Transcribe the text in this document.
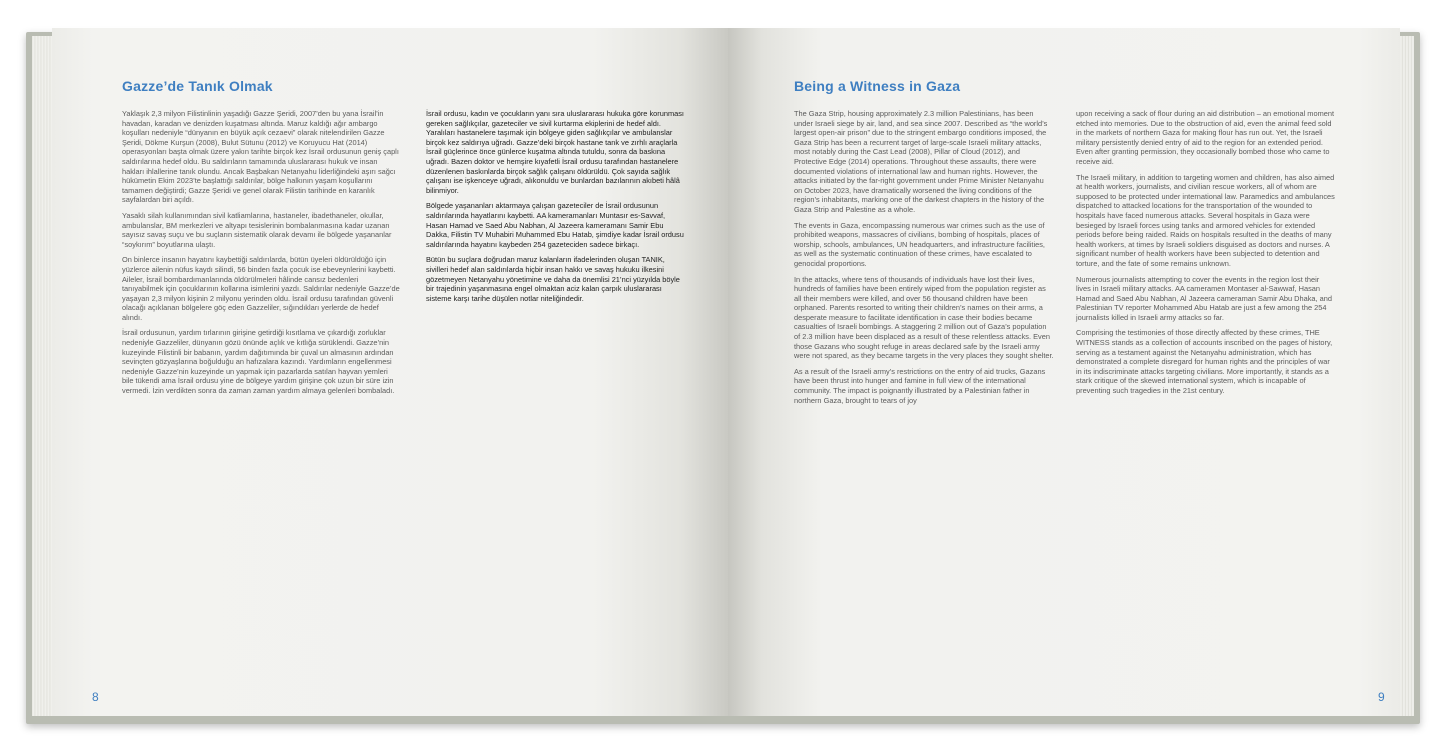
Gazze’de Tanık Olmak

Yaklaşık 2,3 milyon Filistinlinin yaşadığı Gazze Şeridi, 2007’den bu yana İsrail’in havadan, karadan ve denizden kuşatması altında. Maruz kaldığı ağır ambargo koşulları nedeniyle “dünyanın en büyük açık cezaevi” olarak nitelendirilen Gazze Şeridi, Dökme Kurşun (2008), Bulut Sütunu (2012) ve Koruyucu Hat (2014) operasyonları başta olmak üzere yakın tarihte birçok kez İsrail ordusunun geniş çaplı saldırılarına hedef oldu. Bu saldırıların tamamında uluslararası hukuk ve insan hakları ihlallerine tanık olundu. Ancak Başbakan Netanyahu liderliğindeki aşırı sağcı hükümetin Ekim 2023’te başlattığı saldırılar, bölge halkının yaşam koşullarını tamamen değiştirdi; Gazze Şeridi ve genel olarak Filistin tarihinde en karanlık sayfalardan biri açıldı.

Yasaklı silah kullanımından sivil katliamlarına, hastaneler, ibadethaneler, okullar, ambulanslar, BM merkezleri ve altyapı tesislerinin bombalanmasına kadar uzanan sayısız savaş suçu ve bu suçların sistematik olarak devamı ile bölgede yaşananlar “soykırım” boyutlarına ulaştı.

On binlerce insanın hayatını kaybettiği saldırılarda, bütün üyeleri öldürüldüğü için yüzlerce ailenin nüfus kaydı silindi, 56 binden fazla çocuk ise ebeveynlerini kaybetti. Aileler, İsrail bombardımanlarında öldürülmeleri hâlinde cansız bedenleri tanıyabilmek için çocuklarının kollarına isimlerini yazdı. Saldırılar nedeniyle Gazze’de yaşayan 2,3 milyon kişinin 2 milyonu yerinden oldu. İsrail ordusu tarafından güvenli olacağı açıklanan bölgelere göç eden Gazzeliler, sığındıkları yerlerde de hedef alındı.

İsrail ordusunun, yardım tırlarının girişine getirdiği kısıtlama ve çıkardığı zorluklar nedeniyle Gazzeliler, dünyanın gözü önünde açlık ve kıtlığa sürüklendi. Gazze’nin kuzeyinde Filistinli bir babanın, yardım dağıtımında bir çuval un almasının ardından sevinçten gözyaşlarına boğulduğu an hafızalara kazındı. Yardımların engellenmesi nedeniyle Gazze’nin kuzeyinde un yapmak için pazarlarda satılan hayvan yemleri bile tükendi ama İsrail ordusu yine de bölgeye yardım girişine çok uzun bir süre izin vermedi. İzin verdikten sonra da zaman zaman yardım almaya gelenleri bombaladı.

İsrail ordusu, kadın ve çocukların yanı sıra uluslararası hukuka göre korunması gereken sağlıkçılar, gazeteciler ve sivil kurtarma ekiplerini de hedef aldı. Yaralıları hastanelere taşımak için bölgeye giden sağlıkçılar ve ambulanslar birçok kez saldırıya uğradı. Gazze’deki birçok hastane tank ve zırhlı araçlarla İsrail güçlerince önce günlerce kuşatma altında tutuldu, sonra da baskına uğradı. Bazen doktor ve hemşire kıyafetli İsrail ordusu tarafından hastanelere düzenlenen baskınlarda birçok sağlık çalışanı öldürüldü. Çok sayıda sağlık çalışanı ise işkenceye uğradı, alıkonuldu ve bunlardan bazılarının akıbeti hâlâ bilinmiyor.

Bölgede yaşananları aktarmaya çalışan gazeteciler de İsrail ordusunun saldırılarında hayatlarını kaybetti. AA kameramanları Muntasır es-Savvaf, Hasan Hamad ve Saed Abu Nabhan, Al Jazeera kameramanı Samir Ebu Dakka, Filistin TV Muhabiri Muhammed Ebu Hatab, şimdiye kadar İsrail ordusu saldırılarında hayatını kaybeden 254 gazeteciden sadece birkaçı.

Bütün bu suçlara doğrudan maruz kalanların ifadelerinden oluşan TANIK, sivilleri hedef alan saldırılarda hiçbir insan hakkı ve savaş hukuku ilkesini gözetmeyen Netanyahu yönetimine ve daha da önemlisi 21’nci yüzyılda böyle bir trajedinin yaşanmasına engel olmaktan aciz kalan çarpık uluslararası sisteme karşı tarihe düşülen notlar niteliğindedir.

8
Being a Witness in Gaza

The Gaza Strip, housing approximately 2.3 million Palestinians, has been under Israeli siege by air, land, and sea since 2007. Described as “the world’s largest open-air prison” due to the stringent embargo conditions imposed, the Gaza Strip has been a recurrent target of large-scale Israeli military attacks, most notably during the Cast Lead (2008), Pillar of Cloud (2012), and Protective Edge (2014) operations. Throughout these assaults, there were documented violations of international law and human rights. However, the attacks initiated by the far-right government under Prime Minister Netanyahu on October 2023, have dramatically worsened the living conditions of the region’s inhabitants, marking one of the darkest chapters in the history of the Gaza Strip and Palestine as a whole.

The events in Gaza, encompassing numerous war crimes such as the use of prohibited weapons, massacres of civilians, bombing of hospitals, places of worship, schools, ambulances, UN headquarters, and infrastructure facilities, as well as the systematic continuation of these crimes, have escalated to genocidal proportions.

In the attacks, where tens of thousands of individuals have lost their lives, hundreds of families have been entirely wiped from the population register as all their members were killed, and over 56 thousand children have been orphaned. Parents resorted to writing their children’s names on their arms, a desperate measure to facilitate identification in case their bodies became casualties of Israeli bombings. A staggering 2 million out of Gaza’s population of 2.3 million have been displaced as a result of these relentless attacks. Even those Gazans who sought refuge in areas declared safe by the Israeli army were not spared, as they became targets in the very places they sought shelter.

As a result of the Israeli army’s restrictions on the entry of aid trucks, Gazans have been thrust into hunger and famine in full view of the international community. The impact is poignantly illustrated by a Palestinian father in northern Gaza, brought to tears of joy

upon receiving a sack of flour during an aid distribution – an emotional moment etched into memories. Due to the obstruction of aid, even the animal feed sold in the markets of northern Gaza for making flour has run out. Yet, the Israeli military persistently denied entry of aid to the region for an extended period. Even after granting permission, they occasionally bombed those who came to receive aid.

The Israeli military, in addition to targeting women and children, has also aimed at health workers, journalists, and civilian rescue workers, all of whom are supposed to be protected under international law. Paramedics and ambulances dispatched to attacked locations for the transportation of the wounded to hospitals have faced numerous attacks. Several hospitals in Gaza were besieged by Israeli forces using tanks and armored vehicles for extended periods before being raided. Raids on hospitals resulted in the deaths of many health workers, at times by Israeli soldiers disguised as doctors and nurses. A significant number of health workers have been subjected to detention and torture, and the fate of some remains unknown.

Numerous journalists attempting to cover the events in the region lost their lives in Israeli military attacks. AA cameramen Montaser al-Sawwaf, Hasan Hamad and Saed Abu Nabhan, Al Jazeera cameraman Samir Abu Dhaka, and Palestinian TV reporter Mohammed Abu Hatab are just a few among the 254 journalists killed in Israeli army attacks so far.

Comprising the testimonies of those directly affected by these crimes, THE WITNESS stands as a collection of accounts inscribed on the pages of history, serving as a testament against the Netanyahu administration, which has demonstrated a complete disregard for human rights and the principles of war in its indiscriminate attacks targeting civilians. More importantly, it stands as a stark critique of the skewed international system, which is incapable of preventing such tragedies in the 21st century.

9
